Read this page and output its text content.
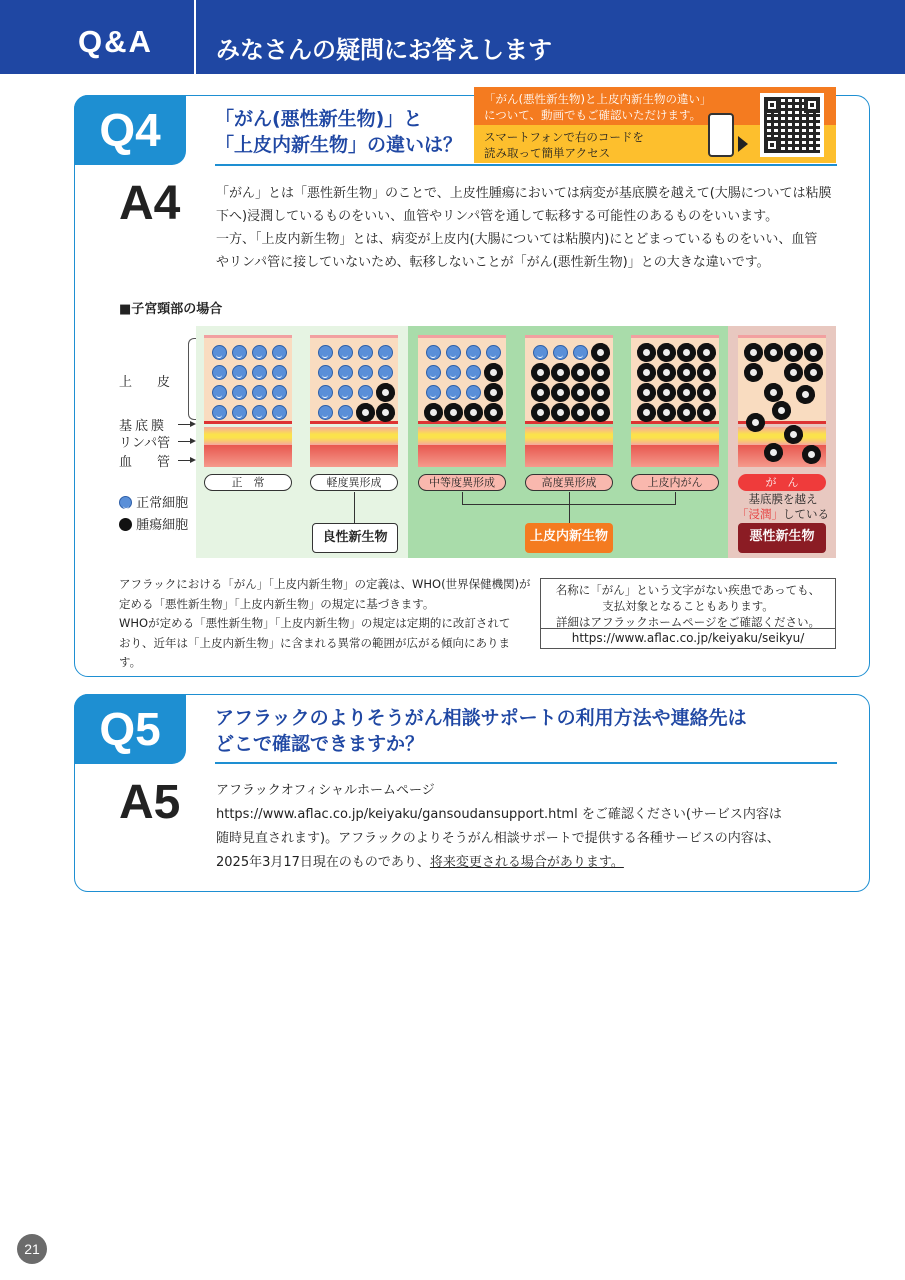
Q&A	みなさんの疑問にお答えします
Q4	「がん(悪性新生物)」と
「上皮内新生物」の違いは？
A4	「がん」とは「悪性新生物」のことで、上皮性腫瘍においては病変が基底膜を越えて(大腸については粘膜
下へ)浸潤しているものをいい、血管やリンパ管を通して転移する可能性のあるものをいいます。
一方、「上皮内新生物」とは、病変が上皮内(大腸については粘膜内)にとどまっているものをいい、血管
やリンパ管に接していないため、転移しないことが「がん(悪性新生物)」との大きな違いです。
「がん(悪性新生物)と上皮内新生物の違い」
について、動画でもご確認いただけます。
スマートフォンで右のコードを
読み取って簡単アクセス
■子宮頸部の場合
上　皮
基底膜
リンパ管
血　管
正常細胞
腫瘍細胞
正　常	軽度異形成	中等度異形成	高度異形成	上皮内がん	が　ん
基底膜を越え
「浸潤」している
良性新生物	上皮内新生物	悪性新生物
アフラックにおける「がん」「上皮内新生物」の定義は、WHO(世界保健機関)が
定める「悪性新生物」「上皮内新生物」の規定に基づきます。
WHOが定める「悪性新生物」「上皮内新生物」の規定は定期的に改訂されて
おり、近年は「上皮内新生物」に含まれる異常の範囲が広がる傾向にあります。
名称に「がん」という文字がない疾患であっても、
支払対象となることもあります。
詳細はアフラックホームページをご確認ください。
https://www.aflac.co.jp/keiyaku/seikyu/
Q5	アフラックのよりそうがん相談サポートの利用方法や連絡先は
どこで確認できますか？
A5	アフラックオフィシャルホームページ
https://www.aflac.co.jp/keiyaku/gansoudansupport.html をご確認ください(サービス内容は
随時見直されます)。アフラックのよりそうがん相談サポートで提供する各種サービスの内容は、
2025年3月17日現在のものであり、将来変更される場合があります。
21
